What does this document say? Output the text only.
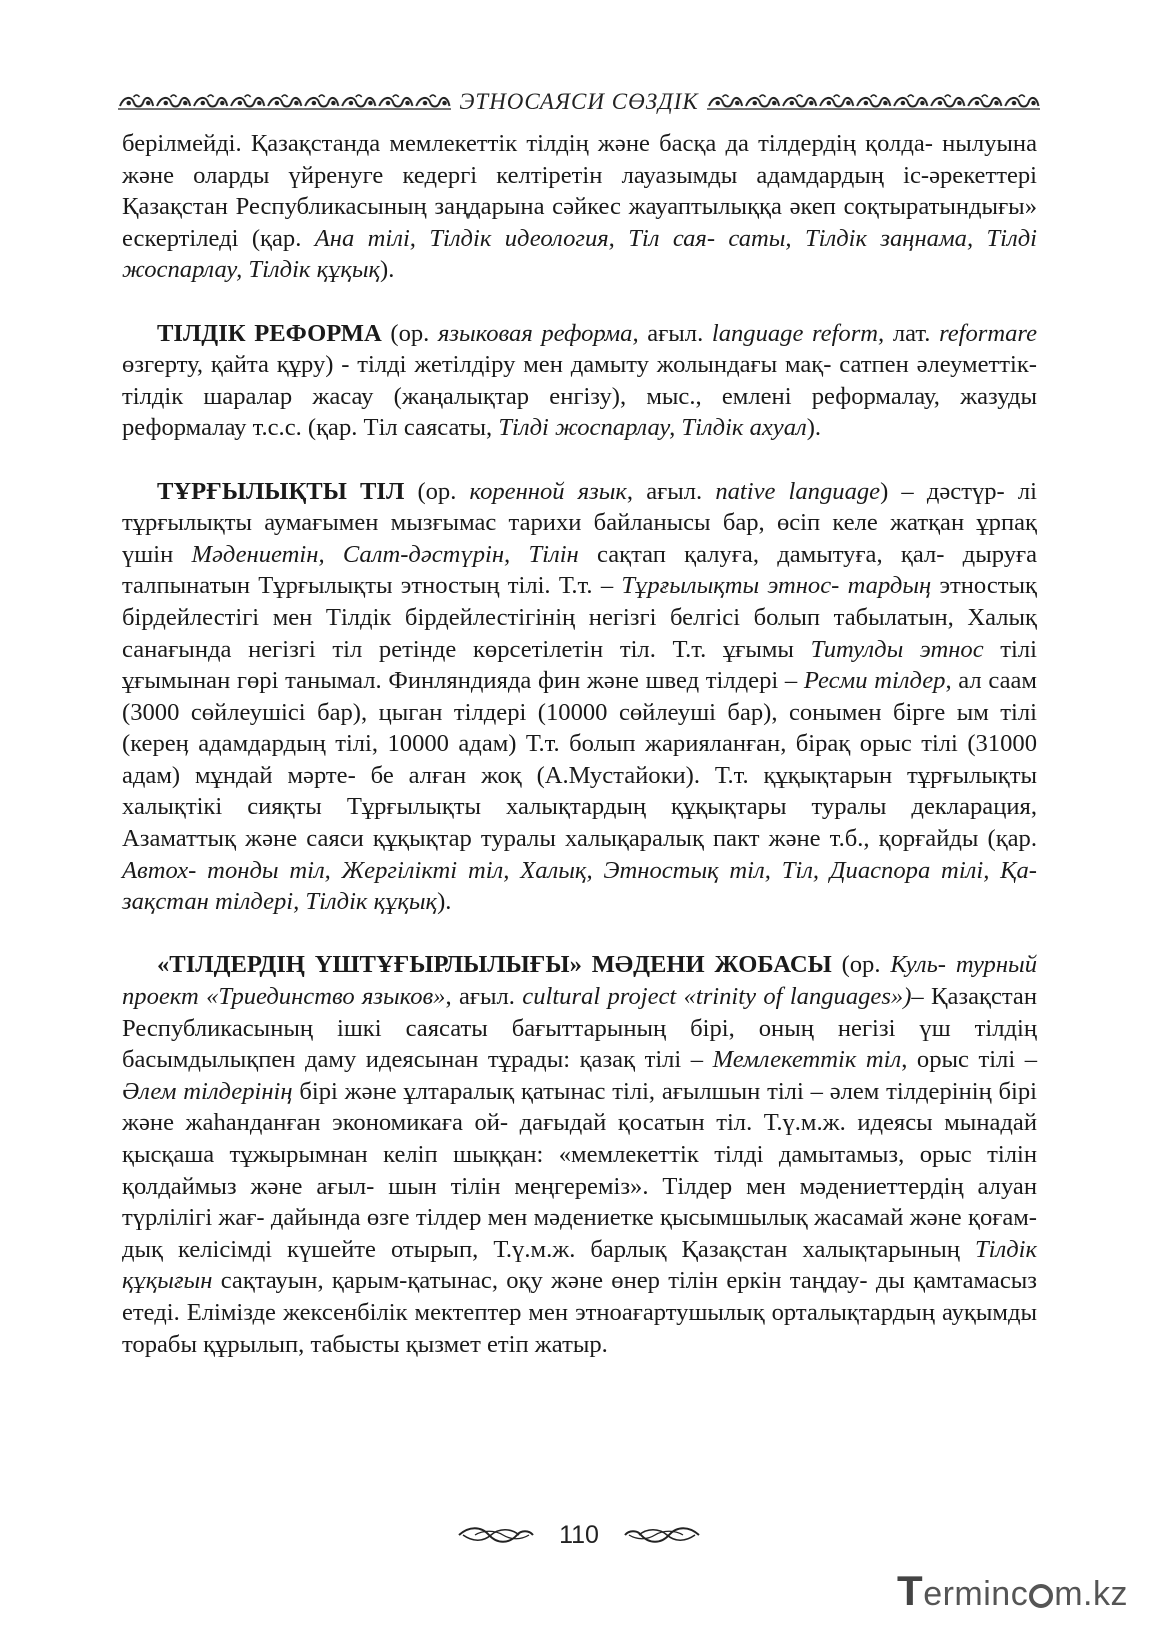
ЭТНОСАЯСИ СӨЗДІК

берілмейді. Қазақстанда мемлекеттік тілдің және басқа да тілдердің қолда- нылуына және оларды үйренуге кедергі келтіретін лауазымды адамдардың іс-әрекеттері Қазақстан Республикасының заңдарына сәйкес жауаптылыққа әкеп соқтыратындығы» ескертіледі (қар. Ана тілі, Тілдік идеология, Тіл сая- саты, Тілдік заңнама, Тілді жоспарлау, Тілдік құқық).

ТІЛДІК РЕФОРМА (ор. языковая реформа, ағыл. language reform, лат. reformare өзгерту, қайта құру) - тілді жетілдіру мен дамыту жолындағы мақ- сатпен әлеуметтік-тілдік шаралар жасау (жаңалықтар енгізу), мыс., емлені реформалау, жазуды реформалау т.с.с. (қар. Тіл саясаты, Тілді жоспарлау, Тілдік ахуал).

ТҰРҒЫЛЫҚТЫ ТІЛ (ор. коренной язык, ағыл. native language) – дәстүр- лі тұрғылықты аумағымен мызғымас тарихи байланысы бар, өсіп келе жатқан ұрпақ үшін Мәдениетін, Салт-дәстүрін, Тілін сақтап қалуға, дамытуға, қал- дыруға талпынатын Тұрғылықты этностың тілі. Т.т. – Тұрғылықты этнос- тардың этностық бірдейлестігі мен Тілдік бірдейлестігінің негізгі белгісі болып табылатын, Халық санағында негізгі тіл ретінде көрсетілетін тіл. Т.т. ұғымы Титулды этнос тілі ұғымынан гөрі танымал. Финляндияда фин және швед тілдері – Ресми тілдер, ал саам (3000 сөйлеушісі бар), цыган тілдері (10000 сөйлеуші бар), сонымен бірге ым тілі (кереӊ адамдардың тілі, 10000 адам) Т.т. болып жарияланған, бірақ орыс тілі (31000 адам) мұндай мәрте- бе алған жоқ (А.Мустайоки). Т.т. құқықтарын тұрғылықты халықтікі сияқты Тұрғылықты халықтардың құқықтары туралы декларация, Азаматтық және саяси құқықтар туралы халықаралық пакт және т.б., қорғайды (қар. Автох- тонды тіл, Жергілікті тіл, Халық, Этностық тіл, Тіл, Диаспора тілі, Қа- зақстан тілдері, Тілдік құқық).

«ТІЛДЕРДІҢ ҮШТҰҒЫРЛЫЛЫҒЫ» МӘДЕНИ ЖОБАСЫ (ор. Куль- турный проект «Триединство языков», ағыл. cultural project «trinity of languages»)– Қазақстан Республикасының ішкі саясаты бағыттарының бірі, оның негізі үш тілдің басымдылықпен даму идеясынан тұрады: қазақ тілі – Мемлекеттік тіл, орыс тілі – Әлем тілдерінің бірі және ұлтаралық қатынас тілі, ағылшын тілі – әлем тілдерінің бірі және жаһанданған экономикаға ой- дағыдай қосатын тіл. Т.ү.м.ж. идеясы мынадай қысқаша тұжырымнан келіп шыққан: «мемлекеттік тілді дамытамыз, орыс тілін қолдаймыз және ағыл- шын тілін меңгереміз». Тілдер мен мәдениеттердің алуан түрлілігі жағ- дайында өзге тілдер мен мәдениетке қысымшылық жасамай және қоғам- дық келісімді күшейте отырып, Т.ү.м.ж. барлық Қазақстан халықтарының Тілдік құқығын сақтауын, қарым-қатынас, оқу және өнер тілін еркін таңдау- ды қамтамасыз етеді. Елімізде жексенбілік мектептер мен этноағартушылық орталықтардың ауқымды торабы құрылып, табысты қызмет етіп жатыр.

110
Terminc m.kz
